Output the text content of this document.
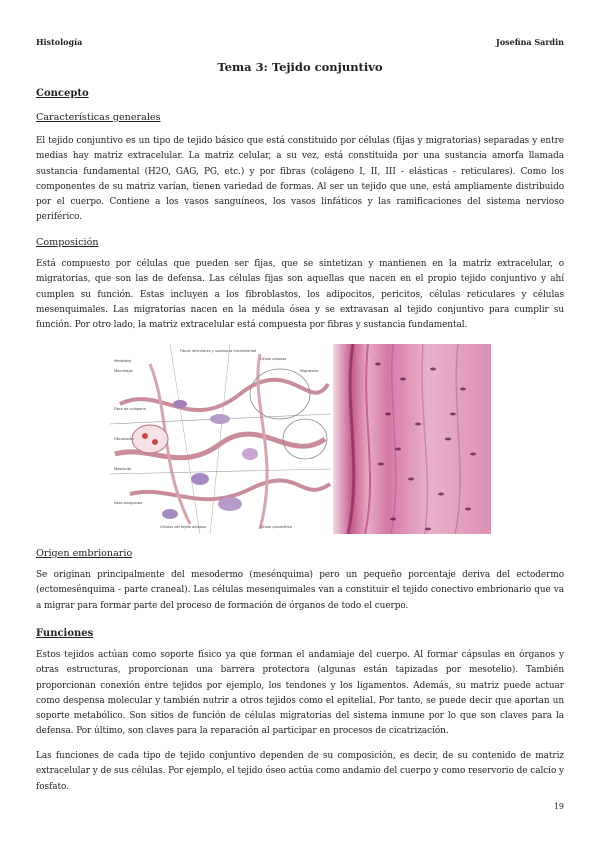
Histología	Josefina Sardin
Tema 3: Tejido conjuntivo
Concepto
Características generales
El tejido conjuntivo es un tipo de tejido básico que está constituido por células (fijas y migratorias) separadas y entre medias hay matriz extracelular. La matriz celular, a su vez, está constituida por una sustancia amorfa llamada sustancia fundamental (H2O, GAG, PG, etc.) y por fibras (colágeno I, II, III - elásticas - reticulares). Como los componentes de su matriz varían, tienen variedad de formas. Al ser un tejido que une, está ampliamente distribuido por el cuerpo. Contiene a los vasos sanguíneos, los vasos linfáticos y las ramificaciones del sistema nervioso periférico.
Composición
Está compuesto por células que pueden ser fijas, que se sintetizan y mantienen en la matriz extracelular, o migratorias, que son las de defensa. Las células fijas son aquellas que nacen en el propio tejido conjuntivo y ahí cumplen su función. Estas incluyen a los fibroblastos, los adipocitos, pericitos, células reticulares y células mesenquimales. Las migratorias nacen en la médula ósea y se extravasan al tejido conjuntivo para cumplir su función. Por otro lado, la matriz extracelular está compuesta por fibras y sustancia fundamental.
Mesotelio
Macrófago
Fibras reticulares y sustancia fundamental
Célula adiposa
Migratoria
Fibra de colágeno
Fibroblasto
Mastocito
Vaso sanguíneo
Células del tejido adiposo	Célula plasmática
Origen embrionario
Se originan principalmente del mesodermo (mesénquima) pero un pequeño porcentaje deriva del ectodermo (ectomesénquima - parte craneal). Las células mesenquimales van a constituir el tejido conectivo embrionario que va a migrar para formar parte del proceso de formación de órganos de todo el cuerpo.
Funciones
Estos tejidos actúan como soporte físico ya que forman el andamiaje del cuerpo. Al formar cápsulas en órganos y otras estructuras, proporcionan una barrera protectora (algunas están tapizadas por mesotelio). También proporcionan conexión entre tejidos por ejemplo, los tendones y los ligamentos. Además, su matriz puede actuar como despensa molecular y también nutrir a otros tejidos como el epitelial. Por tanto, se puede decir que aportan un soporte metabólico. Son sitios de función de células migratorias del sistema inmune por lo que son claves para la defensa. Por último, son claves para la reparación al participar en procesos de cicatrización.
Las funciones de cada tipo de tejido conjuntivo dependen de su composición, es decir, de su contenido de matriz extracelular y de sus células. Por ejemplo, el tejido óseo actúa como andamio del cuerpo y como reservorio de calcio y fosfato.
19
